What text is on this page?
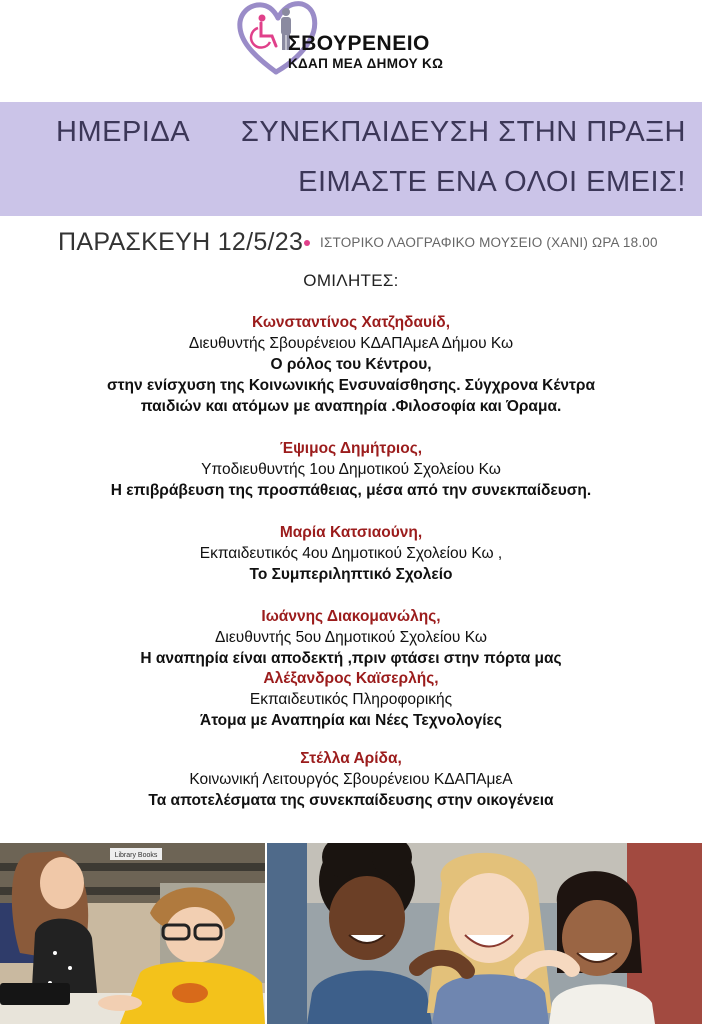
ΣΒΟΥΡΕΝΕΙΟ
ΚΔΑΠ ΜΕΑ ΔΗΜΟΥ ΚΩ
ΗΜΕΡΙΔΑ ΣΥΝΕΚΠΑΙΔΕΥΣΗ ΣΤΗΝ ΠΡΑΞΗ
ΕΙΜΑΣΤΕ ΕΝΑ ΟΛΟΙ ΕΜΕΙΣ!
ΠΑΡΑΣΚΕΥΗ 12/5/23 ΙΣΤΟΡΙΚΟ ΛΑΟΓΡΑΦΙΚΟ ΜΟΥΣΕΙΟ (ΧΑΝΙ) ΩΡΑ 18.00
ΟΜΙΛΗΤΕΣ:
Κωνσταντίνος Χατζηδαυίδ,
Διευθυντής Σβουρένειου ΚΔΑΠΑμεΑ Δήμου Κω
Ο ρόλος του Κέντρου,
στην ενίσχυση της Κοινωνικής Ενσυναίσθησης. Σύγχρονα Κέντρα
παιδιών και ατόμων με αναπηρία .Φιλοσοφία και Όραμα.
Έψιμος Δημήτριος,
Υποδιευθυντής 1ου Δημοτικού Σχολείου Κω
Η επιβράβευση της προσπάθειας, μέσα από την συνεκπαίδευση.
Μαρία Κατσιαούνη,
Εκπαιδευτικός 4ου Δημοτικού Σχολείου Κω ,
Το Συμπεριληπτικό Σχολείο
Ιωάννης Διακομανώλης,
Διευθυντής 5ου Δημοτικού Σχολείου Κω
Η αναπηρία είναι αποδεκτή ,πριν φτάσει στην πόρτα μας
Αλέξανδρος Καϊσερλής,
Εκπαιδευτικός Πληροφορικής
Άτομα με Αναπηρία και Νέες Τεχνολογίες
Στέλλα Αρίδα,
Κοινωνική Λειτουργός Σβουρένειου ΚΔΑΠΑμεΑ
Τα αποτελέσματα της συνεκπαίδευσης στην οικογένεια
Library Books
